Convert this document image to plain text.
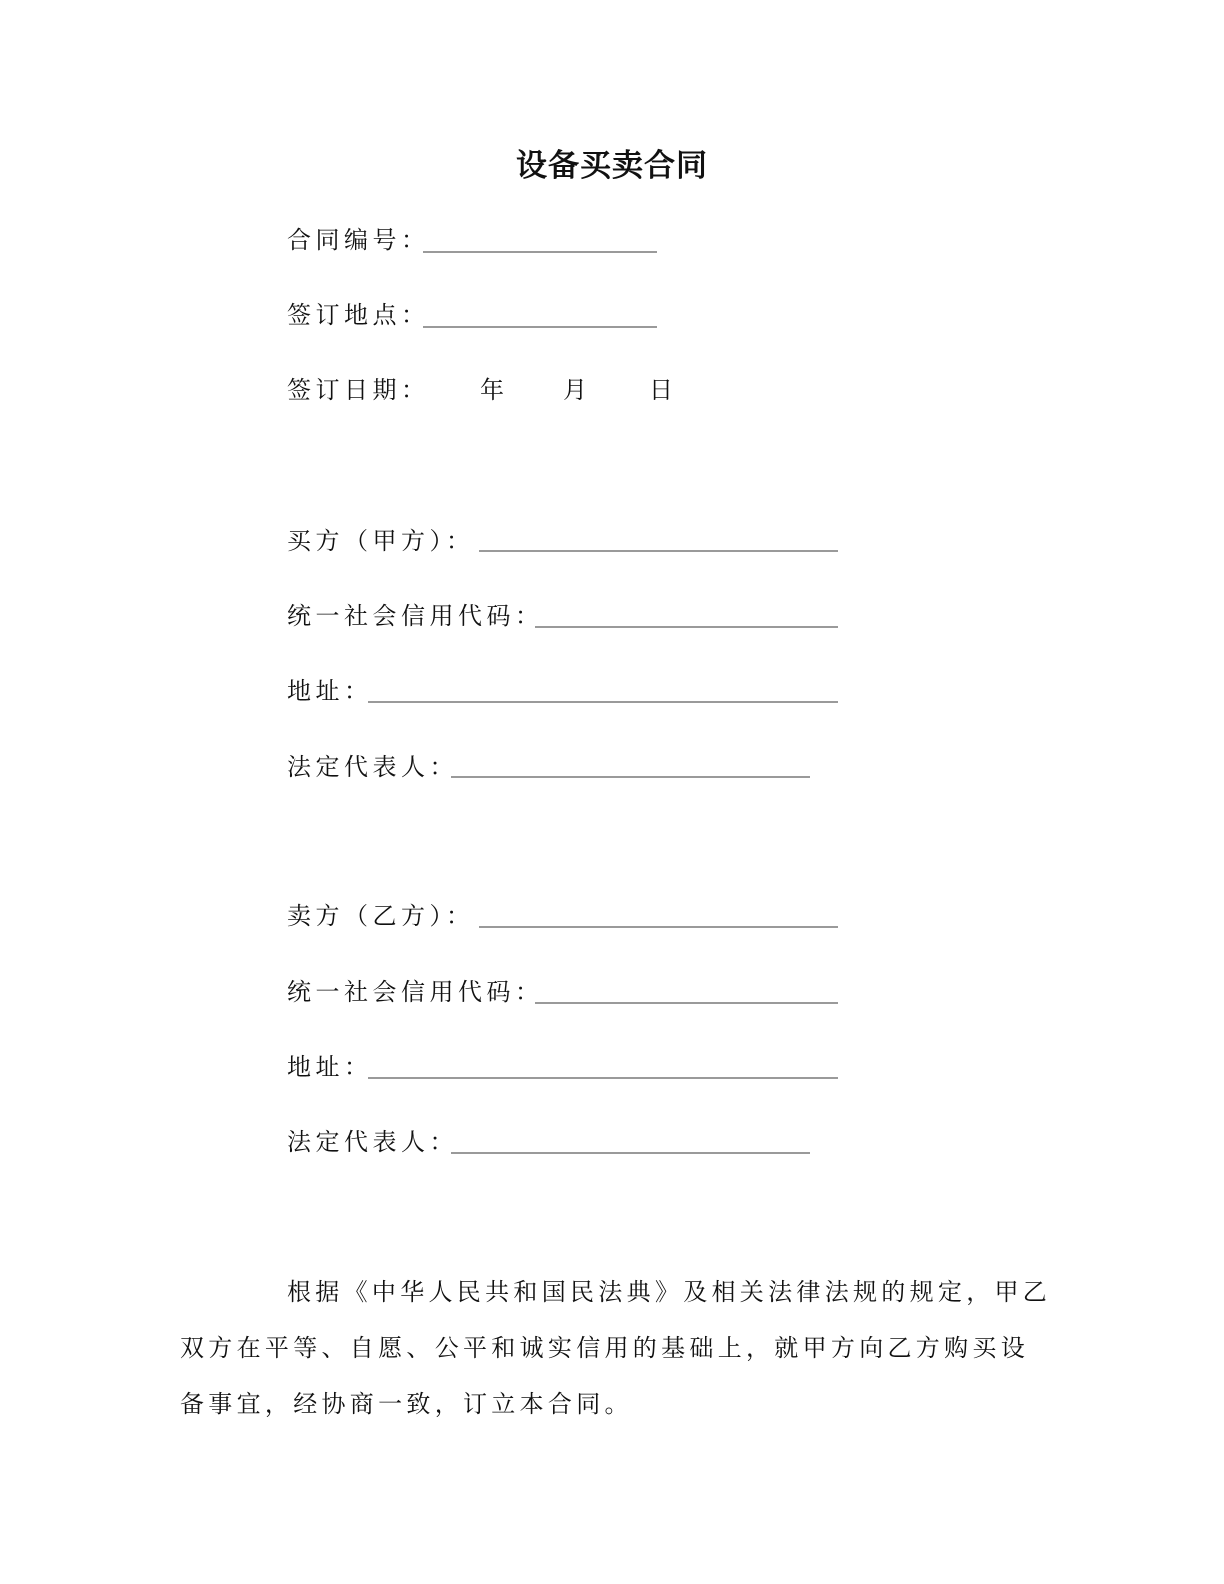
设备买卖合同
合同编号：
签订地点：
签订日期： 年 月 日
买方（甲方）：
统一社会信用代码：
地址：
法定代表人：
卖方（乙方）：
统一社会信用代码：
地址：
法定代表人：
根据《中华人民共和国民法典》及相关法律法规的规定，甲乙
双方在平等、自愿、公平和诚实信用的基础上，就甲方向乙方购买设
备事宜，经协商一致，订立本合同。
